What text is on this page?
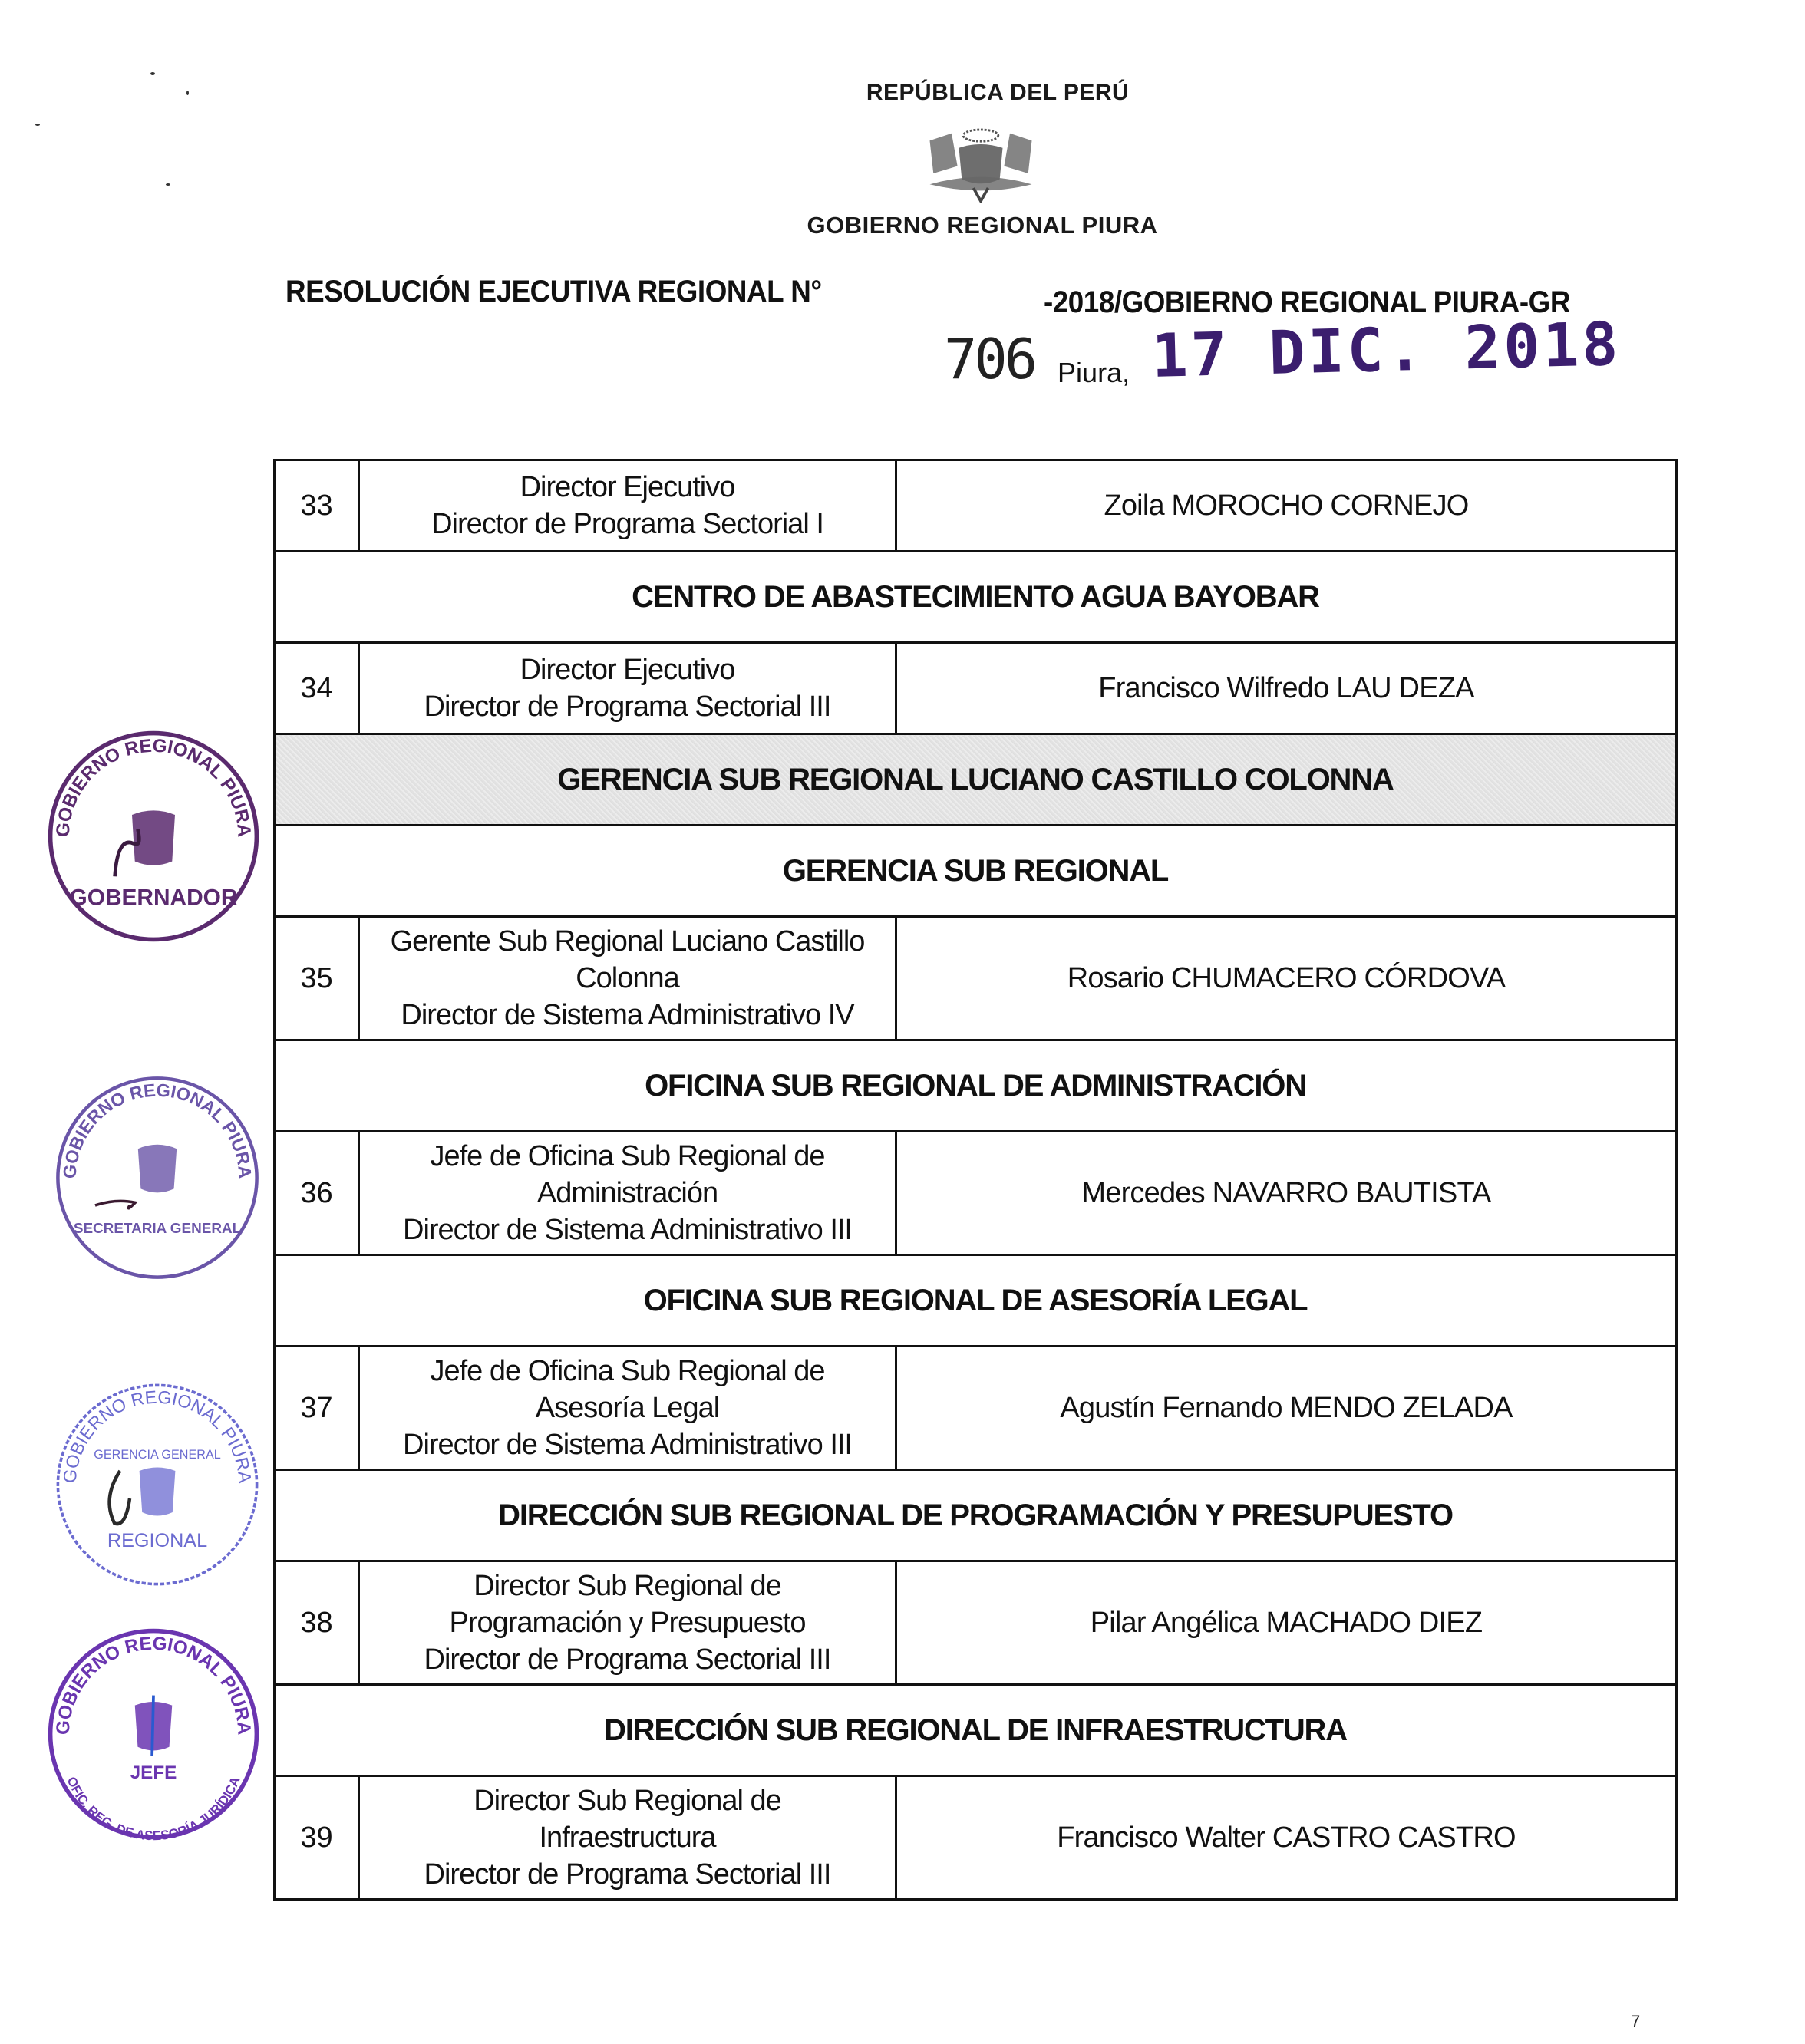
REPÚBLICA DEL PERÚ
GOBIERNO REGIONAL PIURA
RESOLUCIÓN EJECUTIVA REGIONAL N°	-2018/GOBIERNO REGIONAL PIURA-GR
706 Piura, 17 DIC. 2018
33	Director Ejecutivo
Director de Programa Sectorial I	Zoila MOROCHO CORNEJO

CENTRO DE ABASTECIMIENTO AGUA BAYOBAR		

34	Director Ejecutivo
Director de Programa Sectorial III	Francisco Wilfredo LAU DEZA

GERENCIA SUB REGIONAL LUCIANO CASTILLO COLONNA		

GERENCIA SUB REGIONAL		

35	Gerente Sub Regional Luciano Castillo
Colonna
Director de Sistema Administrativo IV	Rosario CHUMACERO CÓRDOVA

OFICINA SUB REGIONAL DE ADMINISTRACIÓN		

36	Jefe de Oficina Sub Regional de
Administración
Director de Sistema Administrativo III	Mercedes NAVARRO BAUTISTA

OFICINA SUB REGIONAL DE ASESORÍA LEGAL		

37	Jefe de Oficina Sub Regional de
Asesoría Legal
Director de Sistema Administrativo III	Agustín Fernando MENDO ZELADA

DIRECCIÓN SUB REGIONAL DE PROGRAMACIÓN Y PRESUPUESTO		

38	Director Sub Regional de
Programación y Presupuesto
Director de Programa Sectorial III	Pilar Angélica MACHADO DIEZ

DIRECCIÓN SUB REGIONAL DE INFRAESTRUCTURA		

39	Director Sub Regional de
Infraestructura
Director de Programa Sectorial III	Francisco Walter CASTRO CASTRO
GOBIERNO REGIONAL PIURA
GOBERNADOR
GOBIERNO REGIONAL PIURA
SECRETARIA GENERAL
GOBIERNO REGIONAL PIURA
GERENCIA GENERAL
REGIONAL
GOBIERNO REGIONAL PIURA
JEFE
OFIC. REG. DE ASESORÍA JURÍDICA
7
